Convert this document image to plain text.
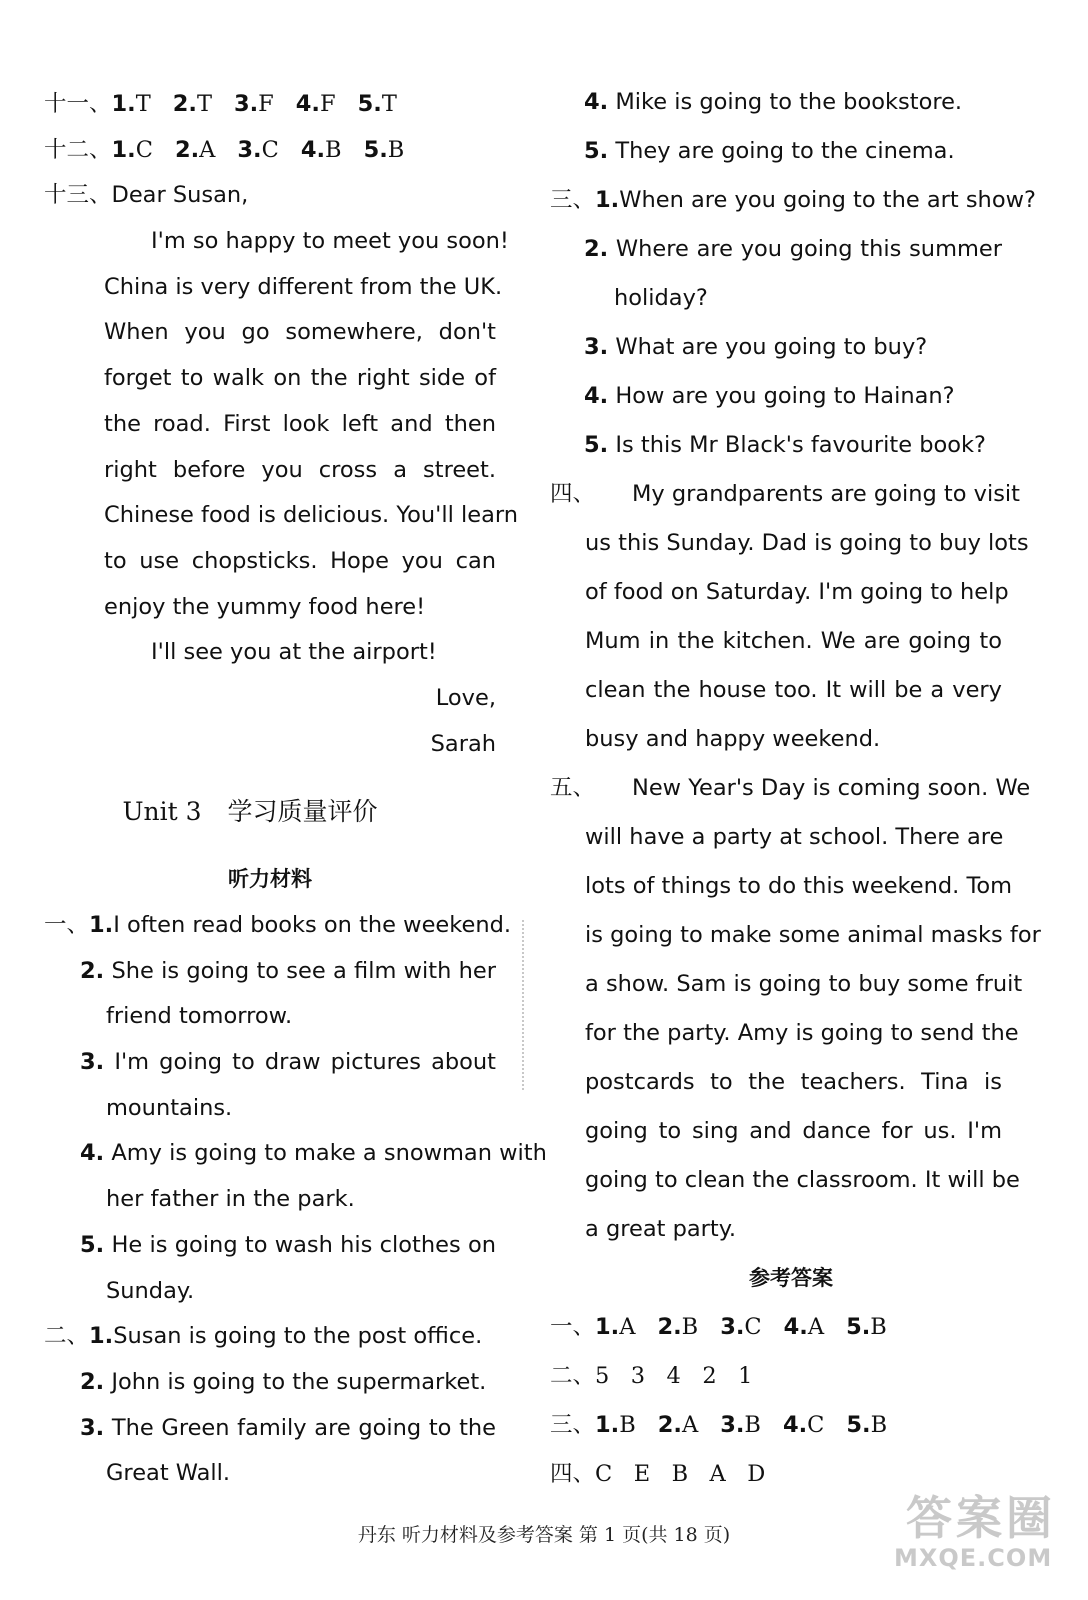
十一、1.T 2.T 3.F 4.F 5.T
十二、1.C 2.A 3.C 4.B 5.B
十三、Dear Susan,
I'm so happy to meet you soon!
China is very different from the UK.
When you go somewhere, don't
forget to walk on the right side of
the road. First look left and then
right before you cross a street.
Chinese food is delicious. You'll learn
to use chopsticks. Hope you can
enjoy the yummy food here!
I'll see you at the airport!
Love,
Sarah
Unit 3 学习质量评价
听力材料
一、 1. I often read books on the weekend.
2. She is going to see a film with her
friend tomorrow.
3. I'm going to draw pictures about
mountains.
4. Amy is going to make a snowman with
her father in the park.
5. He is going to wash his clothes on
Sunday.
二、 1. Susan is going to the post office.
2. John is going to the supermarket.
3. The Green family are going to the
Great Wall.
4. Mike is going to the bookstore.
5. They are going to the cinema.
三、 1. When are you going to the art show?
2. Where are you going this summer
holiday?
3. What are you going to buy?
4. How are you going to Hainan?
5. Is this Mr Black's favourite book?
四、	My grandparents are going to visit
us this Sunday. Dad is going to buy lots
of food on Saturday. I'm going to help
Mum in the kitchen. We are going to
clean the house too. It will be a very
busy and happy weekend.
五、	New Year's Day is coming soon. We
will have a party at school. There are
lots of things to do this weekend. Tom
is going to make some animal masks for
a show. Sam is going to buy some fruit
for the party. Amy is going to send the
postcards to the teachers. Tina is
going to sing and dance for us. I'm
going to clean the classroom. It will be
a great party.
参考答案
一、1.A 2.B 3.C 4.A 5.B
二、5   3   4   2   1
三、1.B 2.A 3.B 4.C 5.B
四、C   E   B   A   D
丹东 听力材料及参考答案 第 1 页(共 18 页)	答案圈
MXQE.COM
